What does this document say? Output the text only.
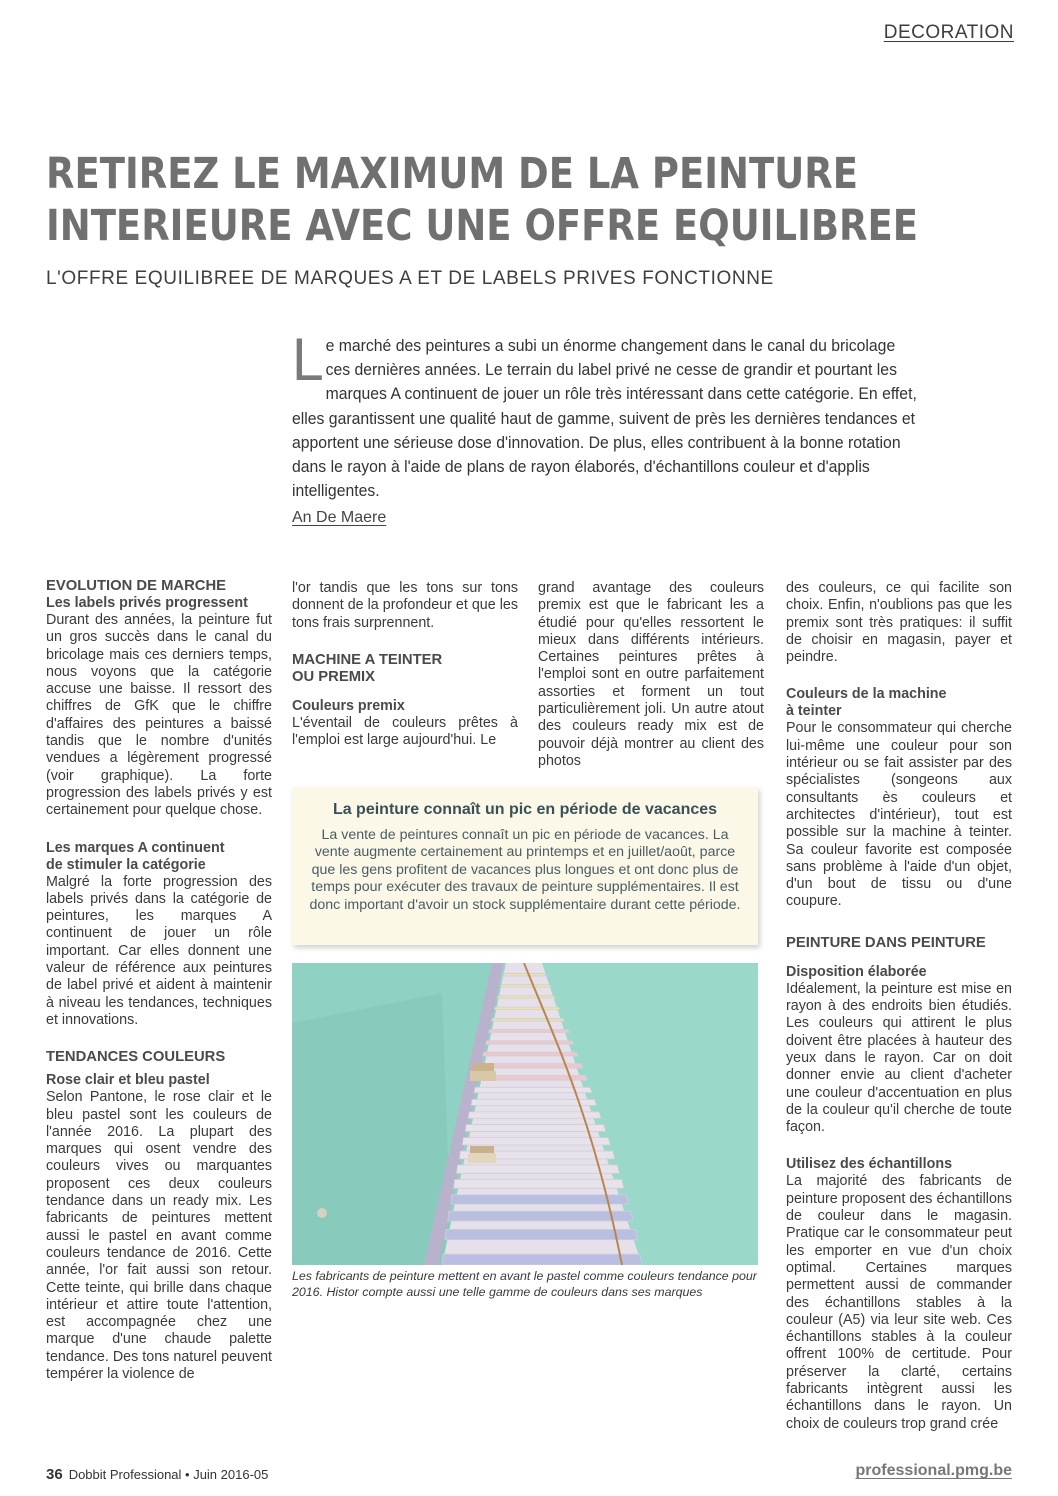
DECORATION
RETIREZ LE MAXIMUM DE LA PEINTURE
INTERIEURE AVEC UNE OFFRE EQUILIBREE
L'OFFRE EQUILIBREE DE MARQUES A ET DE LABELS PRIVES FONCTIONNE
Le marché des peintures a subi un énorme changement dans le canal du bricolage ces dernières années. Le terrain du label privé ne cesse de grandir et pourtant les marques A continuent de jouer un rôle très intéressant dans cette catégorie. En effet, elles garantissent une qualité haut de gamme, suivent de près les dernières tendances et apportent une sérieuse dose d'innovation. De plus, elles contribuent à la bonne rotation dans le rayon à l'aide de plans de rayon élaborés, d'échantillons couleur et d'applis intelligentes.
An De Maere

EVOLUTION DE MARCHE

Les labels privés progressent

Durant des années, la peinture fut un gros succès dans le canal du bricolage mais ces derniers temps, nous voyons que la catégorie accuse une baisse. Il ressort des chiffres de GfK que le chiffre d'affaires des peintures a baissé tandis que le nombre d'unités vendues a légèrement progressé (voir graphique). La forte progression des labels privés y est certainement pour quelque chose.

Les marques A continuent

de stimuler la catégorie

Malgré la forte progression des labels privés dans la catégorie de peintures, les marques A continuent de jouer un rôle important. Car elles donnent une valeur de référence aux peintures de label privé et aident à maintenir à niveau les tendances, techniques et innovations.

TENDANCES COULEURS

Rose clair et bleu pastel

Selon Pantone, le rose clair et le bleu pastel sont les couleurs de l'année 2016. La plupart des marques qui osent vendre des couleurs vives ou marquantes proposent ces deux couleurs tendance dans un ready mix. Les fabricants de peintures mettent aussi le pastel en avant comme couleurs tendance de 2016. Cette année, l'or fait aussi son retour. Cette teinte, qui brille dans chaque intérieur et attire toute l'attention, est accompagnée chez une marque d'une chaude palette tendance. Des tons naturel peuvent tempérer la violence de

l'or tandis que les tons sur tons donnent de la profondeur et que les tons frais surprennent.

MACHINE A TEINTER

OU PREMIX

Couleurs premix

L'éventail de couleurs prêtes à l'emploi est large aujourd'hui. Le

grand avantage des couleurs premix est que le fabricant les a étudié pour qu'elles ressortent le mieux dans différents intérieurs. Certaines peintures prêtes à l'emploi sont en outre parfaitement assorties et forment un tout particulièrement joli. Un autre atout des couleurs ready mix est de pouvoir déjà montrer au client des photos

des couleurs, ce qui facilite son choix. Enfin, n'oublions pas que les premix sont très pratiques: il suffit de choisir en magasin, payer et peindre.

Couleurs de la machine

à teinter

Pour le consommateur qui cherche lui-même une couleur pour son intérieur ou se fait assister par des spécialistes (songeons aux consultants ès couleurs et architectes d'intérieur), tout est possible sur la machine à teinter. Sa couleur favorite est composée sans problème à l'aide d'un objet, d'un bout de tissu ou d'une coupure.

PEINTURE DANS PEINTURE

Disposition élaborée

Idéalement, la peinture est mise en rayon à des endroits bien étudiés. Les couleurs qui attirent le plus doivent être placées à hauteur des yeux dans le rayon. Car on doit donner envie au client d'acheter une couleur d'accentuation en plus de la couleur qu'il cherche de toute façon.

Utilisez des échantillons

La majorité des fabricants de peinture proposent des échantillons de couleur dans le magasin. Pratique car le consommateur peut les emporter en vue d'un choix optimal. Certaines marques permettent aussi de commander des échantillons stables à la couleur (A5) via leur site web. Ces échantillons stables à la couleur offrent 100% de certitude. Pour préserver la clarté, certains fabricants intègrent aussi les échantillons dans le rayon. Un choix de couleurs trop grand crée

La peinture connaît un pic en période de vacances

La vente de peintures connaît un pic en période de vacances. La vente augmente certainement au printemps et en juillet/août, parce que les gens profitent de vacances plus longues et ont donc plus de temps pour exécuter des travaux de peinture supplémentaires. Il est donc important d'avoir un stock supplémentaire durant cette période.

Les fabricants de peinture mettent en avant le pastel comme couleurs tendance pour 2016. Histor compte aussi une telle gamme de couleurs dans ses marques
36 Dobbit Professional • Juin 2016-05	professional.pmg.be
